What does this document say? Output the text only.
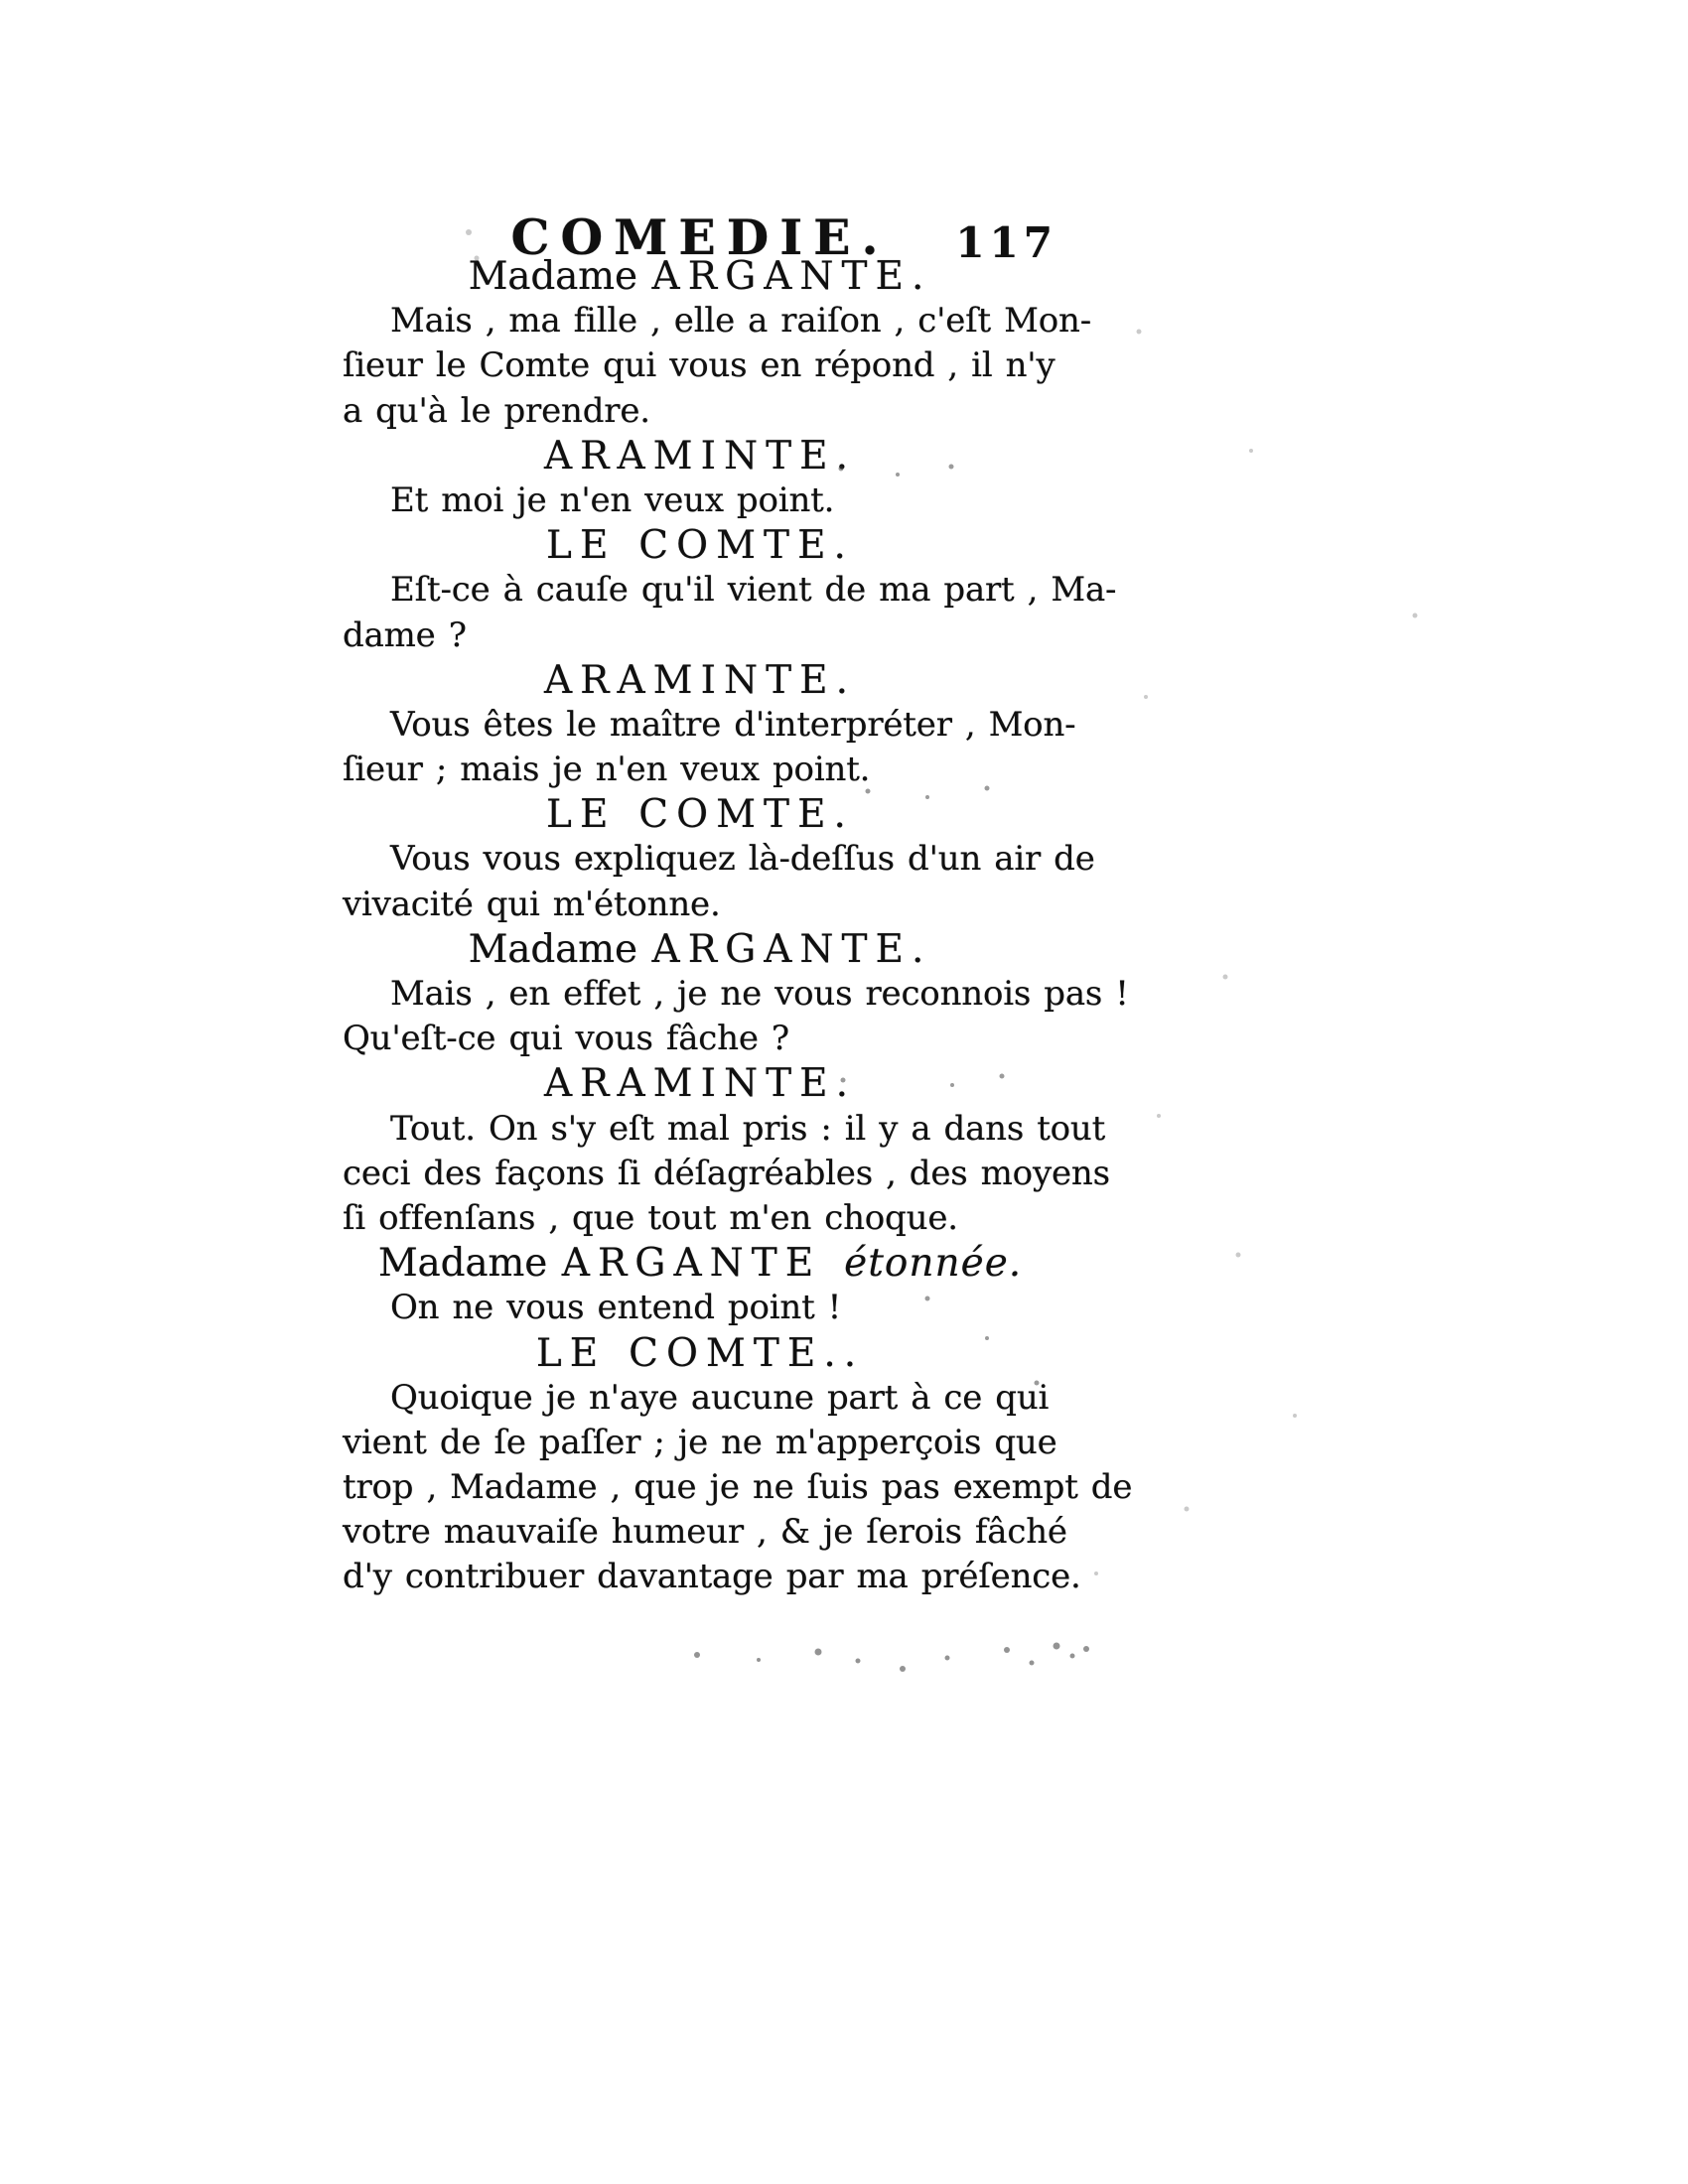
COMEDIE. 117
Madame ARGANTE.
Mais , ma fille , elle a raiſon , c'eſt Mon-
ſieur le Comte qui vous en répond , il n'y
a qu'à le prendre.
ARAMINTE.
Et moi je n'en veux point.
LE COMTE.
Eſt-ce à cauſe qu'il vient de ma part , Ma-
dame ?
ARAMINTE.
Vous êtes le maître d'interpréter , Mon-
ſieur ; mais je n'en veux point.
LE COMTE.
Vous vous expliquez là-deſſus d'un air de
vivacité qui m'étonne.
Madame ARGANTE.
Mais , en effet , je ne vous reconnois pas !
Qu'eſt-ce qui vous fâche ?
ARAMINTE.
Tout. On s'y eſt mal pris : il y a dans tout
ceci des façons ſi déſagréables , des moyens
ſi offenſans , que tout m'en choque.
Madame ARGANTE étonnée.
On ne vous entend point !
LE COMTE..
Quoique je n'aye aucune part à ce qui
vient de ſe paſſer ; je ne m'apperçois que
trop , Madame , que je ne ſuis pas exempt de
votre mauvaiſe humeur , & je ſerois fâché
d'y contribuer davantage par ma préſence.
